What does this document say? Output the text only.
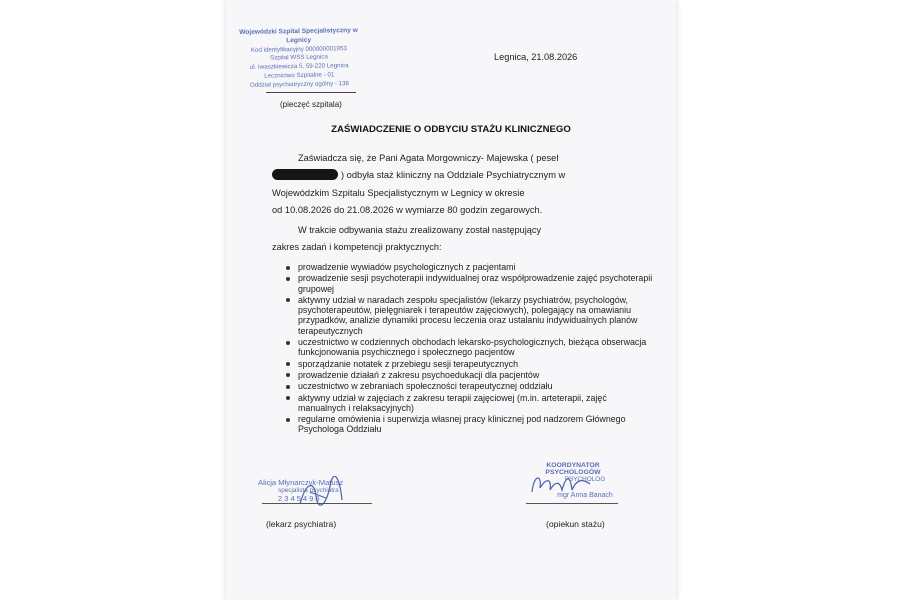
Wojewódzki Szpital Specjalistyczny w Legnicy
Kod identyfikacyjny 000000001953
Szpital WSS Legnica
ul. Iwaszkiewicza 5, 59-220 Legnica
Lecznictwo Szpitalne - 01
Oddział psychiatryczny ogólny - 138
(pieczęć szpitala)
Legnica, 21.08.2026
ZAŚWIADCZENIE O ODBYCIU STAŻU KLINICZNEGO
Zaświadcza się, że Pani Agata Morgowniczy- Majewska ( pesel
) odbyła staż kliniczny na Oddziale Psychiatrycznym w
Wojewódzkim Szpitalu Specjalistycznym w Legnicy w okresie
od 10.08.2026 do 21.08.2026 w wymiarze 80 godzin zegarowych.
W trakcie odbywania stażu zrealizowany został następujący
zakres zadań i kompetencji praktycznych:
prowadzenie wywiadów psychologicznych z pacjentami
prowadzenie sesji psychoterapii indywidualnej oraz współprowadzenie zajęć psychoterapii grupowej
aktywny udział w naradach zespołu specjalistów (lekarzy psychiatrów, psychologów, psychoterapeutów, pielęgniarek i terapeutów zajęciowych), polegający na omawianiu przypadków, analizie dynamiki procesu leczenia oraz ustalaniu indywidualnych planów terapeutycznych
uczestnictwo w codziennych obchodach lekarsko-psychologicznych, bieżąca obserwacja funkcjonowania psychicznego i społecznego pacjentów
sporządzanie notatek z przebiegu sesji terapeutycznych
prowadzenie działań z zakresu psychoedukacji dla pacjentów
uczestnictwo w zebraniach społeczności terapeutycznej oddziału
aktywny udział w zajęciach z zakresu terapii zajęciowej (m.in. arteterapii, zajęć manualnych i relaksacyjnych)
regularne omówienia i superwizja własnej pracy klinicznej pod nadzorem Głównego Psychologa Oddziału
Alicja Młynarczyk-Matusz
specjalista psychiatra
2345498
(lekarz psychiatra)
KOORDYNATOR PSYCHOLOGÓW
PSYCHOLOG
mgr Anna Banach
(opiekun stażu)
